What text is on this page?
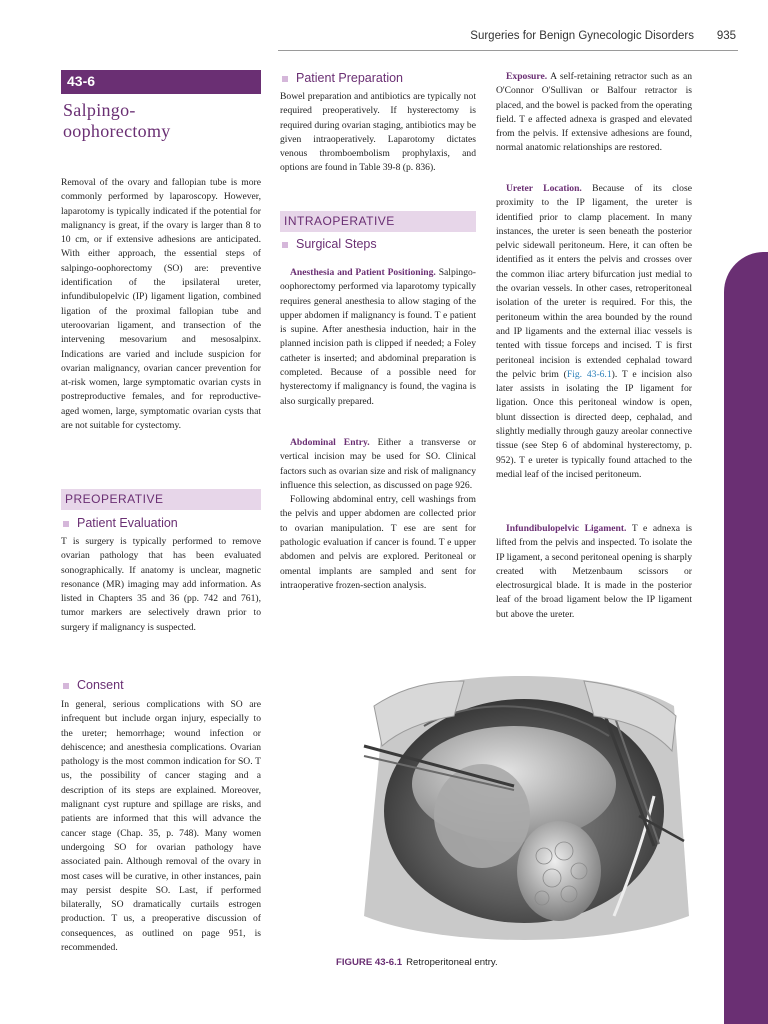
Surgeries for Benign Gynecologic Disorders 935
43-6
Salpingo-
oophorectomy

Removal of the ovary and fallopian tube is more commonly performed by laparoscopy. However, laparotomy is typically indicated if the potential for malignancy is great, if the ovary is larger than 8 to 10 cm, or if extensive adhesions are anticipated. With either approach, the essential steps of salpingo-oophorectomy (SO) are: preventive identification of the ipsilateral ureter, infundibulopelvic (IP) ligament ligation, combined ligation of the proximal fallopian tube and uteroovarian ligament, and transection of the intervening mesovarium and mesosalpinx. Indications are varied and include suspicion for ovarian malignancy, ovarian cancer prevention for at-risk women, large symptomatic ovarian cysts in postreproductive females, and for reproductive-aged women, large, symptomatic ovarian cysts that are not suitable for cystectomy.

PREOPERATIVE
Patient Evaluation

T is surgery is typically performed to remove ovarian pathology that has been evaluated sonographically. If anatomy is unclear, magnetic resonance (MR) imaging may add information. As listed in Chapters 35 and 36 (pp. 742 and 761), tumor markers are selectively drawn prior to surgery if malignancy is suspected.

Consent

In general, serious complications with SO are infrequent but include organ injury, especially to the ureter; hemorrhage; wound infection or dehiscence; and anesthesia complications. Ovarian pathology is the most common indication for SO. T us, the possibility of cancer staging and a description of its steps are explained. Moreover, malignant cyst rupture and spillage are risks, and patients are informed that this will advance the cancer stage (Chap. 35, p. 748). Many women undergoing SO for ovarian pathology have associated pain. Although removal of the ovary in most cases will be curative, in other instances, pain may persist despite SO. Last, if performed bilaterally, SO dramatically curtails estrogen production. T us, a preoperative discussion of consequences, as outlined on page 951, is recommended.

Patient Preparation

Bowel preparation and antibiotics are typically not required preoperatively. If hysterectomy is required during ovarian staging, antibiotics may be given intraoperatively. Laparotomy dictates venous thromboembolism prophylaxis, and options are found in Table 39-8 (p. 836).

INTRAOPERATIVE
Surgical Steps

Anesthesia and Patient Positioning. Salpingo-oophorectomy performed via laparotomy typically requires general anesthesia to allow staging of the upper abdomen if malignancy is found. T e patient is supine. After anesthesia induction, hair in the planned incision path is clipped if needed; a Foley catheter is inserted; and abdominal preparation is completed. Because of a possible need for hysterectomy if malignancy is found, the vagina is also surgically prepared.

Abdominal Entry. Either a transverse or vertical incision may be used for SO. Clinical factors such as ovarian size and risk of malignancy influence this selection, as discussed on page 926.

Following abdominal entry, cell washings from the pelvis and upper abdomen are collected prior to ovarian manipulation. T ese are sent for pathologic evaluation if cancer is found. T e upper abdomen and pelvis are explored. Peritoneal or omental implants are sampled and sent for intraoperative frozen-section analysis.

Exposure. A self-retaining retractor such as an O'Connor O'Sullivan or Balfour retractor is placed, and the bowel is packed from the operating field. T e affected adnexa is grasped and elevated from the pelvis. If extensive adhesions are found, normal anatomic relationships are restored.

Ureter Location. Because of its close proximity to the IP ligament, the ureter is identified prior to clamp placement. In many instances, the ureter is seen beneath the posterior pelvic sidewall peritoneum. Here, it can often be identified as it enters the pelvis and crosses over the common iliac artery bifurcation just medial to the ovarian vessels. In other cases, retroperitoneal isolation of the ureter is required. For this, the peritoneum within the area bounded by the round and IP ligaments and the external iliac vessels is tented with tissue forceps and incised. T is first peritoneal incision is extended cephalad toward the pelvic brim (Fig. 43-6.1). T e incision also later assists in isolating the IP ligament for ligation. Once this peritoneal window is open, blunt dissection is directed deep, cephalad, and slightly medially through gauzy areolar connective tissue (see Step 6 of abdominal hysterectomy, p. 952). T e ureter is typically found attached to the medial leaf of the incised peritoneum.

Infundibulopelvic Ligament. T e adnexa is lifted from the pelvis and inspected. To isolate the IP ligament, a second peritoneal opening is sharply created with Metzenbaum scissors or electrosurgical blade. It is made in the posterior leaf of the broad ligament below the IP ligament but above the ureter.

FIGURE 43-6.1 Retroperitoneal entry.
